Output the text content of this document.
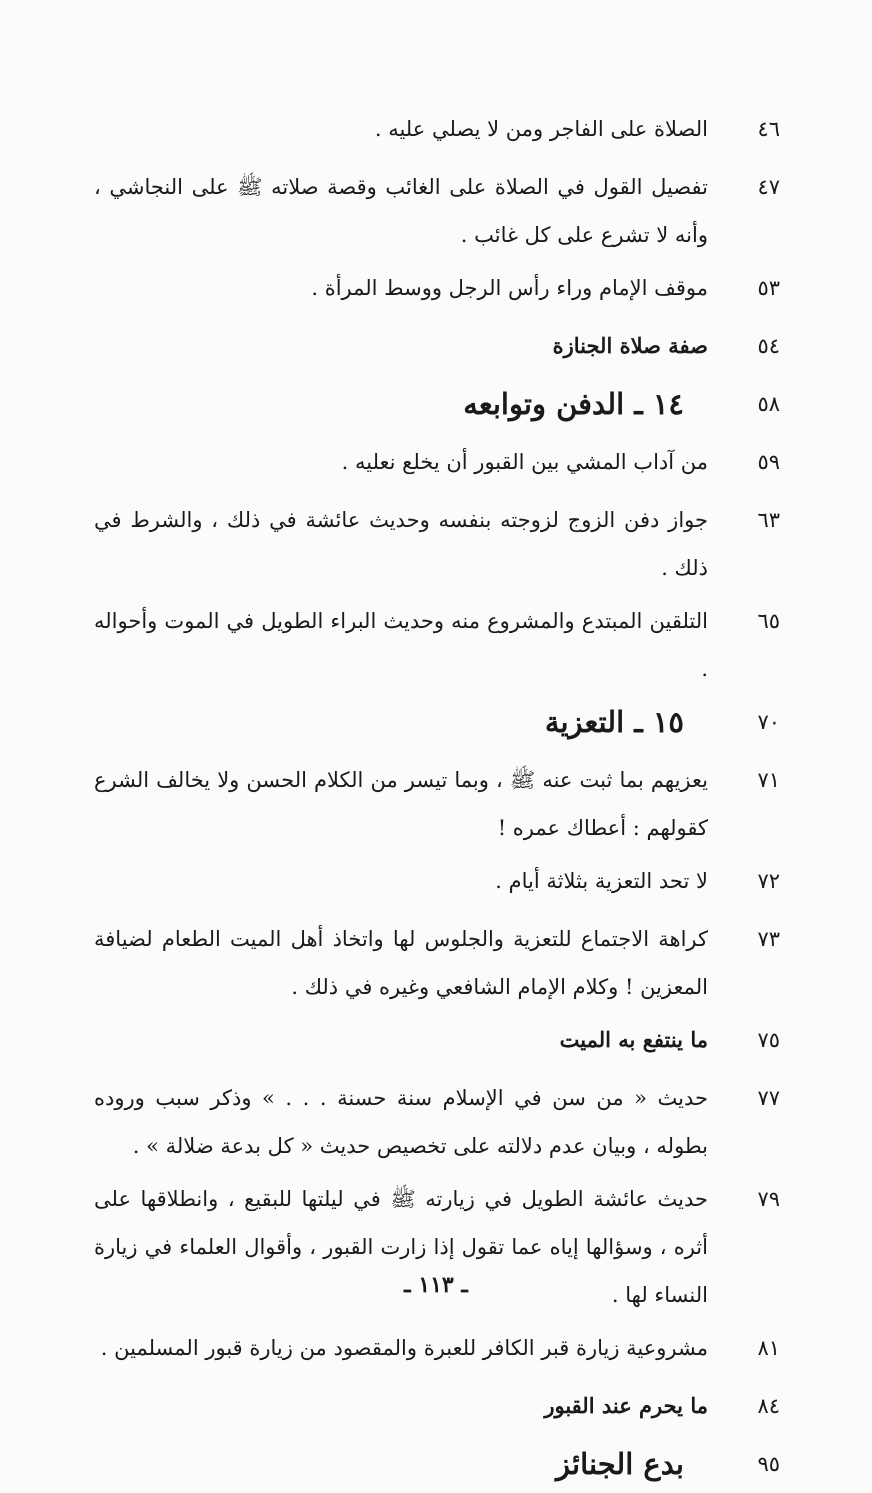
٤٦
الصلاة على الفاجر ومن لا يصلي عليه .
٤٧
تفصيل القول في الصلاة على الغائب وقصة صلاته ﷺ على النجاشي ، وأنه لا تشرع على كل غائب .
٥٣
موقف الإمام وراء رأس الرجل ووسط المرأة .
٥٤
صفة صلاة الجنازة
٥٨
١٤ ـ الدفن وتوابعه
٥٩
من آداب المشي بين القبور أن يخلع نعليه .
٦٣
جواز دفن الزوج لزوجته بنفسه وحديث عائشة في ذلك ، والشرط في ذلك .
٦٥
التلقين المبتدع والمشروع منه وحديث البراء الطويل في الموت وأحواله .
٧٠
١٥ ـ التعزية
٧١
يعزيهم بما ثبت عنه ﷺ ، وبما تيسر من الكلام الحسن ولا يخالف الشرع كقولهم : أعطاك عمره !
٧٢
لا تحد التعزية بثلاثة أيام .
٧٣
كراهة الاجتماع للتعزية والجلوس لها واتخاذ أهل الميت الطعام لضيافة المعزين ! وكلام الإمام الشافعي وغيره في ذلك .
٧٥
ما ينتفع به الميت
٧٧
حديث « من سن في الإسلام سنة حسنة . . . » وذكر سبب وروده بطوله ، وبيان عدم دلالته على تخصيص حديث « كل بدعة ضلالة » .
٧٩
حديث عائشة الطويل في زيارته ﷺ في ليلتها للبقيع ، وانطلاقها على أثره ، وسؤالها إياه عما تقول إذا زارت القبور ، وأقوال العلماء في زيارة النساء لها .
٨١
مشروعية زيارة قبر الكافر للعبرة والمقصود من زيارة قبور المسلمين .
٨٤
ما يحرم عند القبور
٩٥
بدع الجنائز
ـ ١١٣ ـ
